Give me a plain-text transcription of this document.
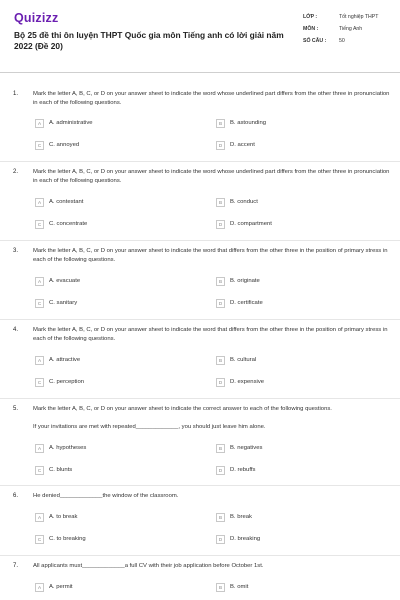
Quizizz
Bộ 25 đề thi ôn luyện THPT Quốc gia môn Tiếng anh có lời giải năm 2022 (Đề 20)
LỚP :	Tốt nghiệp THPT
MÔN :	Tiếng Anh
SỐ CÂU : 50
1.	Mark the letter A, B, C, or D on your answer sheet to indicate the word whose underlined part differs from the other three in pronunciation in each of the following questions.
A	A. administrative	B	B. astounding
C	C. annoyed	D	D. accent
2.	Mark the letter A, B, C, or D on your answer sheet to indicate the word whose underlined part differs from the other three in pronunciation in each of the following questions.
A	A. contestant	B	B. conduct
C	C. concentrate	D	D. compartment
3.	Mark the letter A, B, C, or D on your answer sheet to indicate the word that differs from the other three in the position of primary stress in each of the following questions.
A	A. evacuate	B	B. originate
C	C. sanitary	D	D. certificate
4.	Mark the letter A, B, C, or D on your answer sheet to indicate the word that differs from the other three in the position of primary stress in each of the following questions.
A	A. attractive	B	B. cultural
C	C. perception	D	D. expensive
5.	Mark the letter A, B, C, or D on your answer sheet to indicate the correct answer to each of the following questions.
If your invitations are met with repeated_____________, you should just leave him alone.
A	A. hypotheses	B	B. negatives
C	C. blunts	D	D. rebuffs
6.	He denied_____________the window of the classroom.
A	A. to break	B	B. break
C	C. to breaking	D	D. breaking
7.	All applicants must_____________a full CV with their job application before October 1st.
A	A. permit	B	B. omit
